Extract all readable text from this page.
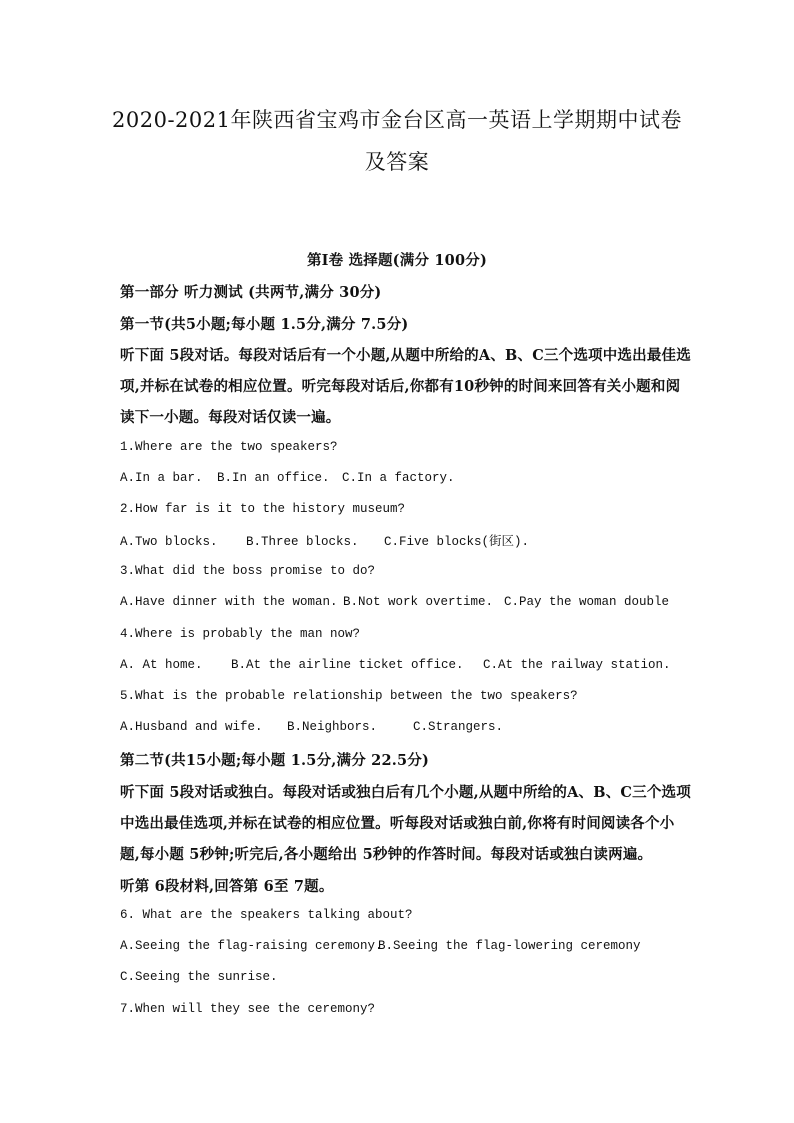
2020-2021年陕西省宝鸡市金台区高一英语上学期期中试卷
及答案
第Ⅰ卷 选择题(满分 100分)
第一部分 听力测试 (共两节,满分 30分)
第一节(共5小题;每小题 1.5分,满分 7.5分)
听下面 5段对话。每段对话后有一个小题,从题中所给的A、B、C三个选项中选出最佳选
项,并标在试卷的相应位置。听完每段对话后,你都有10秒钟的时间来回答有关小题和阅
读下一小题。每段对话仅读一遍。
1.Where are the two speakers?
A.In a bar. B.In an office. C.In a factory.
2.How far is it to the history museum?
A.Two blocks. B.Three blocks. C.Five blocks(街区).
3.What did the boss promise to do?
A.Have dinner with the woman. B.Not work overtime. C.Pay the woman double
4.Where is probably the man now?
A. At home. B.At the airline ticket office. C.At the railway station.
5.What is the probable relationship between the two speakers?
A.Husband and wife. B.Neighbors.	C.Strangers.
第二节(共15小题;每小题 1.5分,满分 22.5分)
听下面 5段对话或独白。每段对话或独白后有几个小题,从题中所给的A、B、C三个选项
中选出最佳选项,并标在试卷的相应位置。听每段对话或独白前,你将有时间阅读各个小
题,每小题 5秒钟;听完后,各小题给出 5秒钟的作答时间。每段对话或独白读两遍。
听第 6段材料,回答第 6至 7题。
6. What are the speakers talking about?
A.Seeing the flag-raising ceremony.B.Seeing the flag-lowering ceremony
C.Seeing the sunrise.
7.When will they see the ceremony?
